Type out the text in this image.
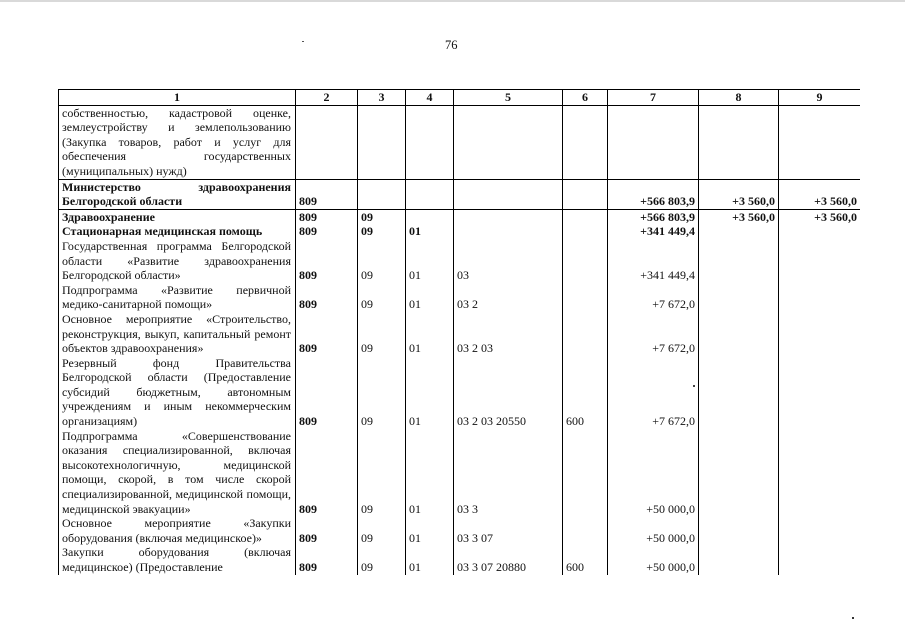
76
1	2	3	4	5	6	7	8	9
собственностью, кадастровой оценке, землеустройству и землепользованию (Закупка товаров, работ и услуг для обеспечения государственных (муниципальных) нужд)								
Министерство здравоохранения Белгородской области	809					+566 803,9	+3 560,0	+3 560,0
Здравоохранение	809	09				+566 803,9	+3 560,0	+3 560,0
Стационарная медицинская помощь	809	09	01			+341 449,4		
Государственная программа Белгородской области «Развитие здравоохранения Белгородской области»	809	09	01	03		+341 449,4		
Подпрограмма «Развитие первичной медико-санитарной помощи»	809	09	01	03 2		+7 672,0		
Основное мероприятие «Строительство, реконструкция, выкуп, капитальный ремонт объектов здравоохранения»	809	09	01	03 2 03		+7 672,0		
Резервный фонд Правительства Белгородской области (Предоставление субсидий бюджетным, автономным учреждениям и иным некоммерческим организациям)	809	09	01	03 2 03 20550	600	+7 672,0		
Подпрограмма «Совершенствование оказания специализированной, включая высокотехнологичную, медицинской помощи, скорой, в том числе скорой специализированной, медицинской помощи, медицинской эвакуации»	809	09	01	03 3		+50 000,0		
Основное мероприятие «Закупки оборудования (включая медицинское)»	809	09	01	03 3 07		+50 000,0		
Закупки оборудования (включая медицинское) (Предоставление	809	09	01	03 3 07 20880	600	+50 000,0		
